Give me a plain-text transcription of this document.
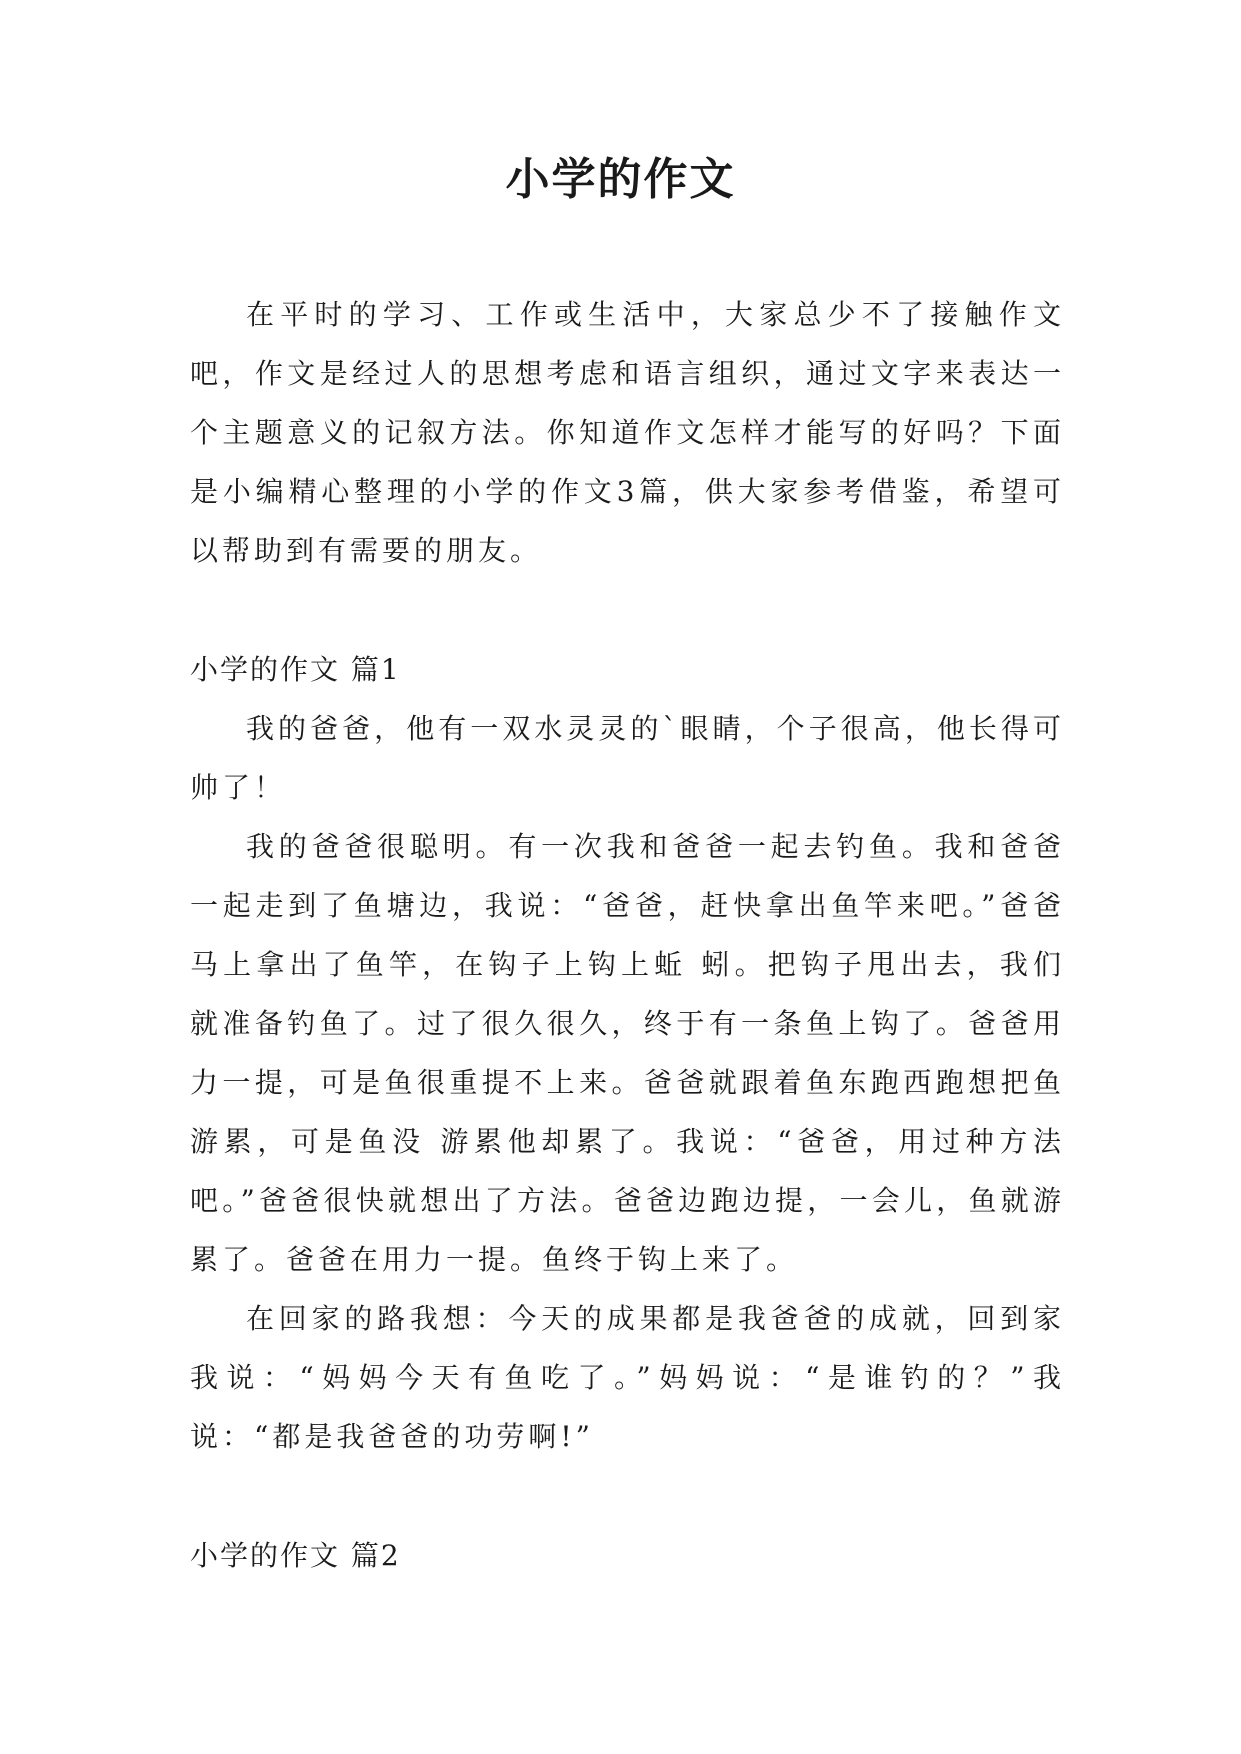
小学的作文

在平时的学习、工作或生活中，大家总少不了接触作文吧，作文是经过人的思想考虑和语言组织，通过文字来表达一个主题意义的记叙方法。你知道作文怎样才能写的好吗？下面是小编精心整理的小学的作文3篇，供大家参考借鉴，希望可以帮助到有需要的朋友。

小学的作文 篇1

我的爸爸，他有一双水灵灵的`眼睛，个子很高，他长得可帅了！

我的爸爸很聪明。有一次我和爸爸一起去钓鱼。我和爸爸一起走到了鱼塘边，我说：“爸爸，赶快拿出鱼竿来吧。”爸爸马上拿出了鱼竿，在钩子上钩上蚯 蚓。把钩子甩出去，我们就准备钓鱼了。过了很久很久，终于有一条鱼上钩了。爸爸用力一提，可是鱼很重提不上来。爸爸就跟着鱼东跑西跑想把鱼游累，可是鱼没 游累他却累了。我说：“爸爸，用过种方法吧。”爸爸很快就想出了方法。爸爸边跑边提，一会儿，鱼就游累了。爸爸在用力一提。鱼终于钩上来了。

在回家的路我想：今天的成果都是我爸爸的成就，回到家我说：“妈妈今天有鱼吃了。”妈妈说：“是谁钓的？”我说：“都是我爸爸的功劳啊!”

小学的作文 篇2
